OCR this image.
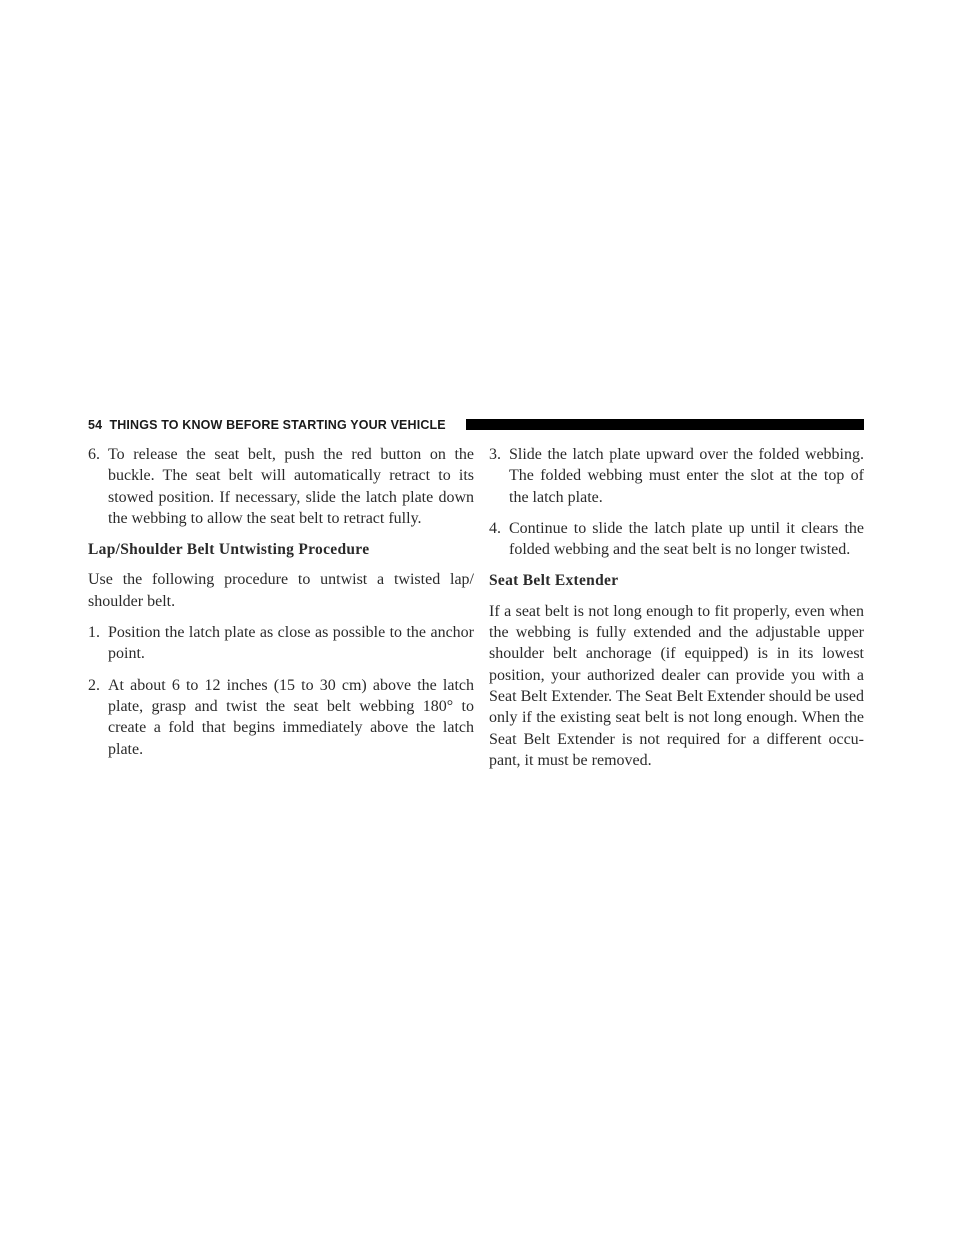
54 THINGS TO KNOW BEFORE STARTING YOUR VEHICLE
6. To release the seat belt, push the red button on the buckle. The seat belt will automatically retract to its stowed position. If necessary, slide the latch plate down the webbing to allow the seat belt to retract fully.
Lap/Shoulder Belt Untwisting Procedure
Use the following procedure to untwist a twisted lap/ shoulder belt.
1. Position the latch plate as close as possible to the anchor point.
2. At about 6 to 12 inches (15 to 30 cm) above the latch plate, grasp and twist the seat belt webbing 180° to create a fold that begins immediately above the latch plate.
3. Slide the latch plate upward over the folded webbing. The folded webbing must enter the slot at the top of the latch plate.
4. Continue to slide the latch plate up until it clears the folded webbing and the seat belt is no longer twisted.
Seat Belt Extender
If a seat belt is not long enough to fit properly, even when the webbing is fully extended and the adjustable upper shoulder belt anchorage (if equipped) is in its lowest position, your authorized dealer can provide you with a Seat Belt Extender. The Seat Belt Extender should be used only if the existing seat belt is not long enough. When the Seat Belt Extender is not required for a different occu- pant, it must be removed.
